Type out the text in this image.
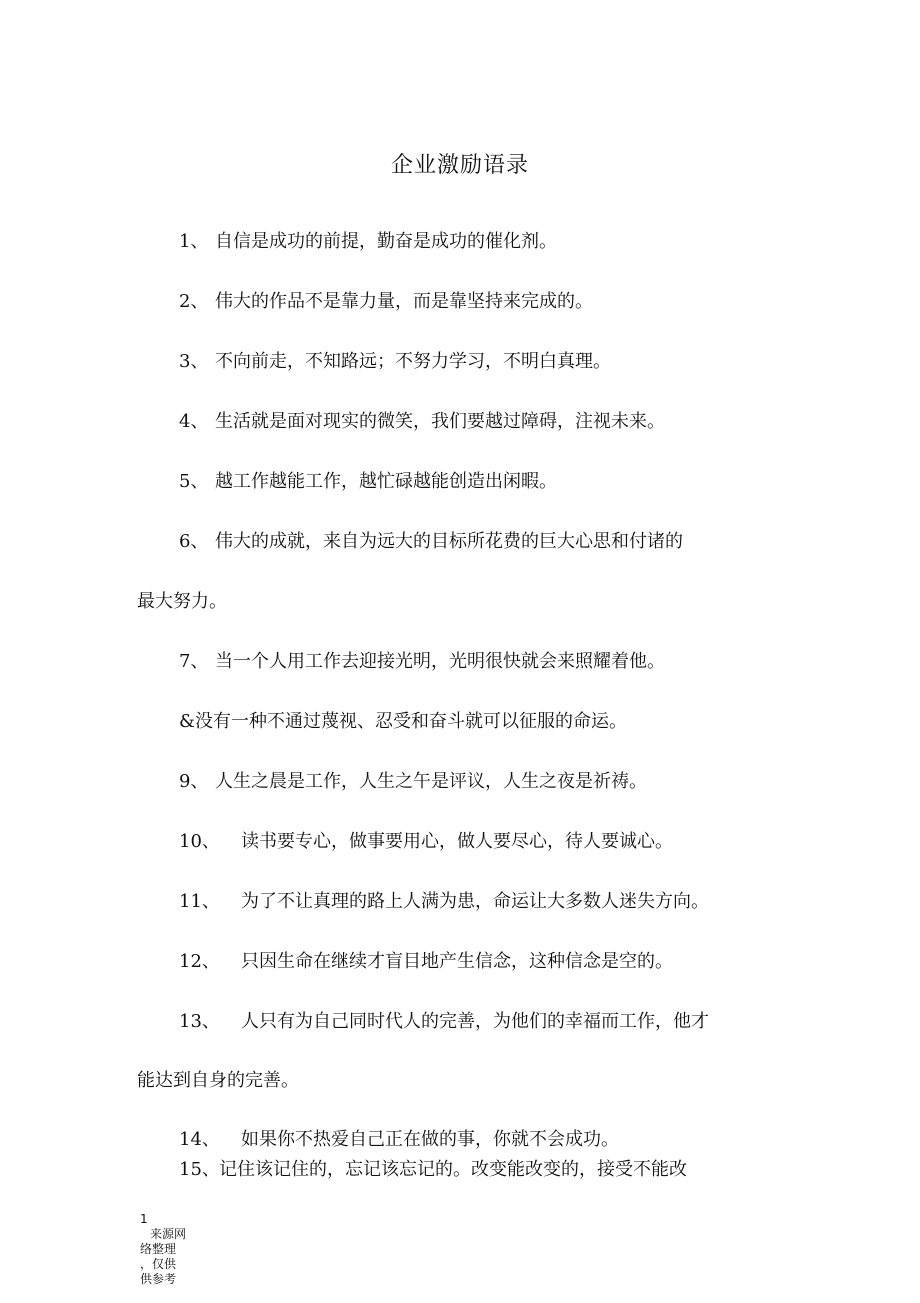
企业激励语录
1、 自信是成功的前提，勤奋是成功的催化剂。
2、 伟大的作品不是靠力量，而是靠坚持来完成的。
3、 不向前走，不知路远；不努力学习，不明白真理。
4、 生活就是面对现实的微笑，我们要越过障碍，注视未来。
5、 越工作越能工作，越忙碌越能创造出闲暇。
6、 伟大的成就，来自为远大的目标所花费的巨大心思和付诸的
最大努力。
7、 当一个人用工作去迎接光明，光明很快就会来照耀着他。
&没有一种不通过蔑视、忍受和奋斗就可以征服的命运。
9、 人生之晨是工作，人生之午是评议，人生之夜是祈祷。
10、 读书要专心，做事要用心，做人要尽心，待人要诚心。
11、 为了不让真理的路上人满为患，命运让大多数人迷失方向。
12、 只因生命在继续才盲目地产生信念，这种信念是空的。
13、 人只有为自己同时代人的完善，为他们的幸福而工作，他才
能达到自身的完善。
14、 如果你不热爱自己正在做的事，你就不会成功。
15、记住该记住的，忘记该忘记的。改变能改变的，接受不能改
1
来源网
络整理
，仅供
供参考
